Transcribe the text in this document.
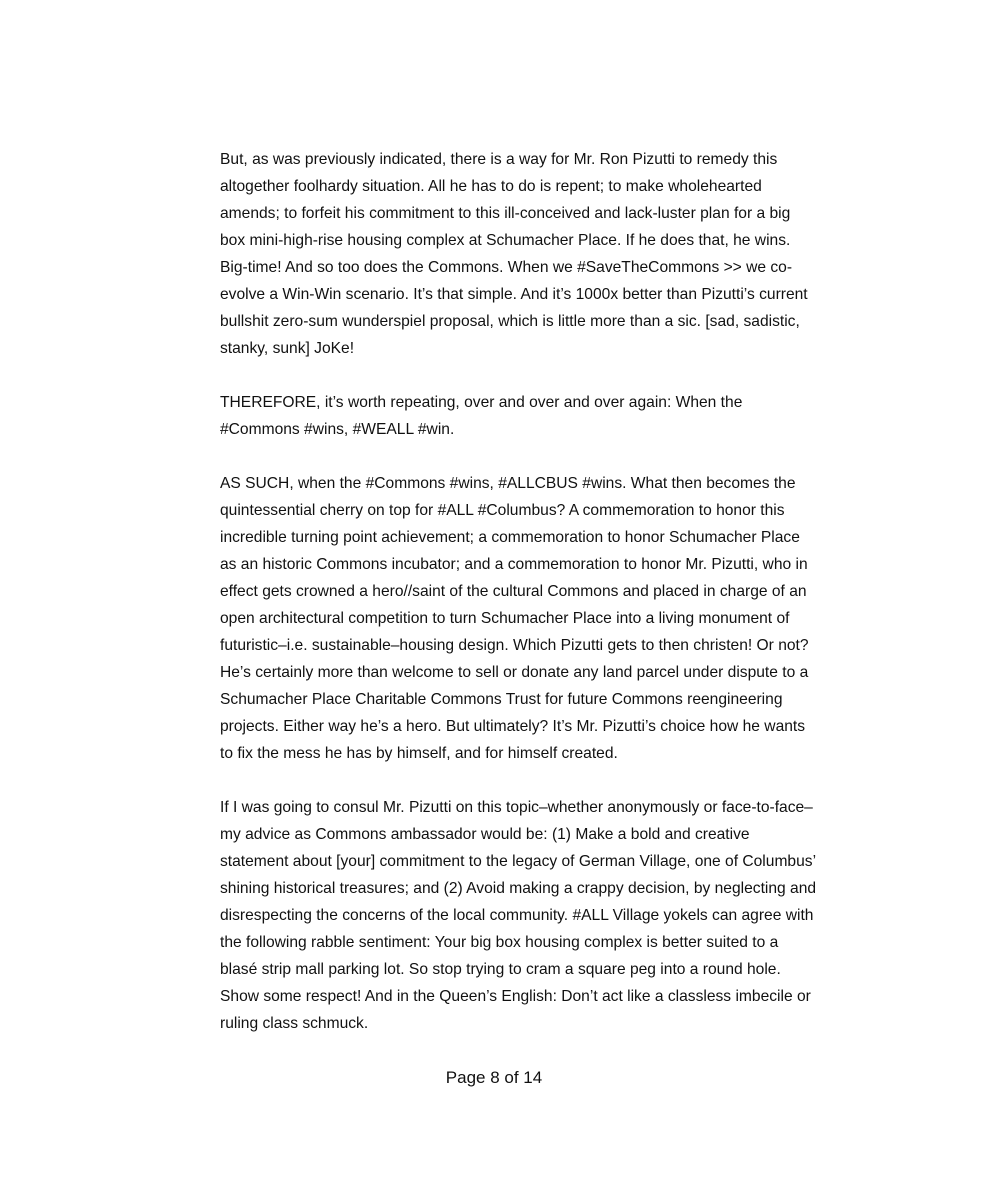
But, as was previously indicated, there is a way for Mr. Ron Pizutti to remedy this altogether foolhardy situation. All he has to do is repent; to make wholehearted amends; to forfeit his commitment to this ill-conceived and lack-luster plan for a big box mini-high-rise housing complex at Schumacher Place. If he does that, he wins. Big-time! And so too does the Commons. When we #SaveTheCommons >> we co-evolve a Win-Win scenario. It’s that simple. And it’s 1000x better than Pizutti’s current bullshit zero-sum wunderspiel proposal, which is little more than a sic. [sad, sadistic, stanky, sunk] JoKe!

THEREFORE, it’s worth repeating, over and over and over again: When the #Commons #wins, #WEALL #win.

AS SUCH, when the #Commons #wins, #ALLCBUS #wins. What then becomes the quintessential cherry on top for #ALL #Columbus? A commemoration to honor this incredible turning point achievement; a commemoration to honor Schumacher Place as an historic Commons incubator; and a commemoration to honor Mr. Pizutti, who in effect gets crowned a hero//saint of the cultural Commons and placed in charge of an open architectural competition to turn Schumacher Place into a living monument of futuristic–i.e. sustainable–housing design. Which Pizutti gets to then christen! Or not? He’s certainly more than welcome to sell or donate any land parcel under dispute to a Schumacher Place Charitable Commons Trust for future Commons reengineering projects. Either way he’s a hero. But ultimately? It’s Mr. Pizutti’s choice how he wants to fix the mess he has by himself, and for himself created.

If I was going to consul Mr. Pizutti on this topic–whether anonymously or face-to-face–my advice as Commons ambassador would be: (1) Make a bold and creative statement about [your] commitment to the legacy of German Village, one of Columbus’ shining historical treasures; and (2) Avoid making a crappy decision, by neglecting and disrespecting the concerns of the local community. #ALL Village yokels can agree with the following rabble sentiment: Your big box housing complex is better suited to a blasé strip mall parking lot. So stop trying to cram a square peg into a round hole. Show some respect! And in the Queen’s English: Don’t act like a classless imbecile or ruling class schmuck.

Page 8 of 14
